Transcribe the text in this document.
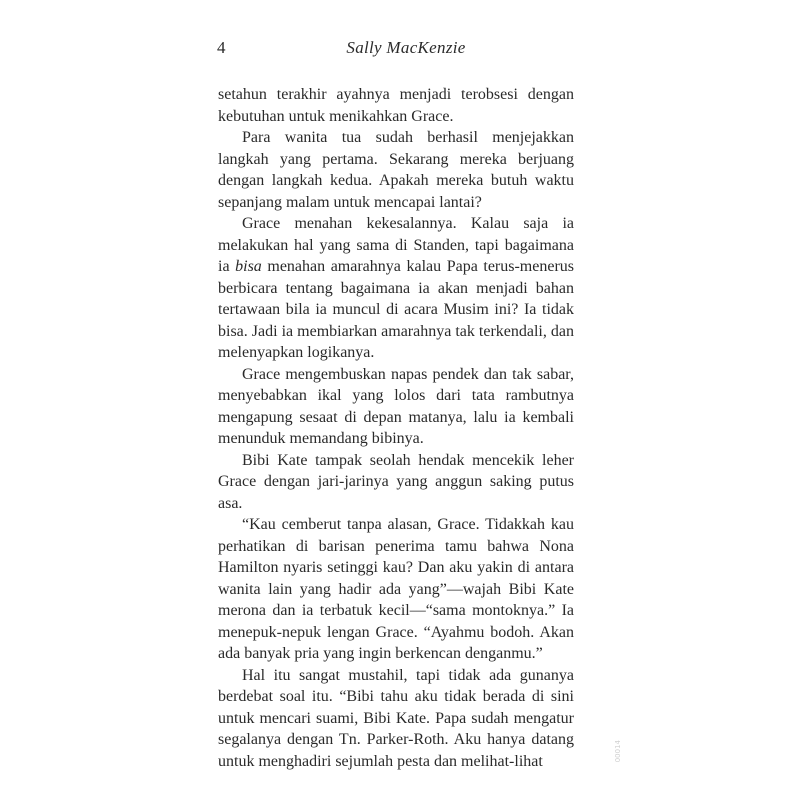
4	Sally MacKenzie

setahun terakhir ayahnya menjadi terobsesi dengan kebutuhan untuk menikahkan Grace.

Para wanita tua sudah berhasil menjejakkan langkah yang pertama. Sekarang mereka berjuang dengan langkah kedua. Apakah mereka butuh waktu sepanjang malam untuk mencapai lantai?

Grace menahan kekesalannya. Kalau saja ia melakukan hal yang sama di Standen, tapi bagaimana ia bisa menahan amarahnya kalau Papa terus-menerus berbicara tentang bagaimana ia akan menjadi bahan tertawaan bila ia muncul di acara Musim ini? Ia tidak bisa. Jadi ia membiarkan amarahnya tak terkendali, dan melenyapkan logikanya.

Grace mengembuskan napas pendek dan tak sabar, menyebabkan ikal yang lolos dari tata rambutnya mengapung sesaat di depan matanya, lalu ia kembali menunduk memandang bibinya.

Bibi Kate tampak seolah hendak mencekik leher Grace dengan jari-jarinya yang anggun saking putus asa.

“Kau cemberut tanpa alasan, Grace. Tidakkah kau perhatikan di barisan penerima tamu bahwa Nona Hamilton nyaris setinggi kau? Dan aku yakin di antara wanita lain yang hadir ada yang”—wajah Bibi Kate merona dan ia terbatuk kecil—“sama montoknya.” Ia menepuk-nepuk lengan Grace. “Ayahmu bodoh. Akan ada banyak pria yang ingin berkencan denganmu.”

Hal itu sangat mustahil, tapi tidak ada gunanya berdebat soal itu. “Bibi tahu aku tidak berada di sini untuk mencari suami, Bibi Kate. Papa sudah mengatur segalanya dengan Tn. Parker-Roth. Aku hanya datang untuk menghadiri sejumlah pesta dan melihat-lihat	00014
